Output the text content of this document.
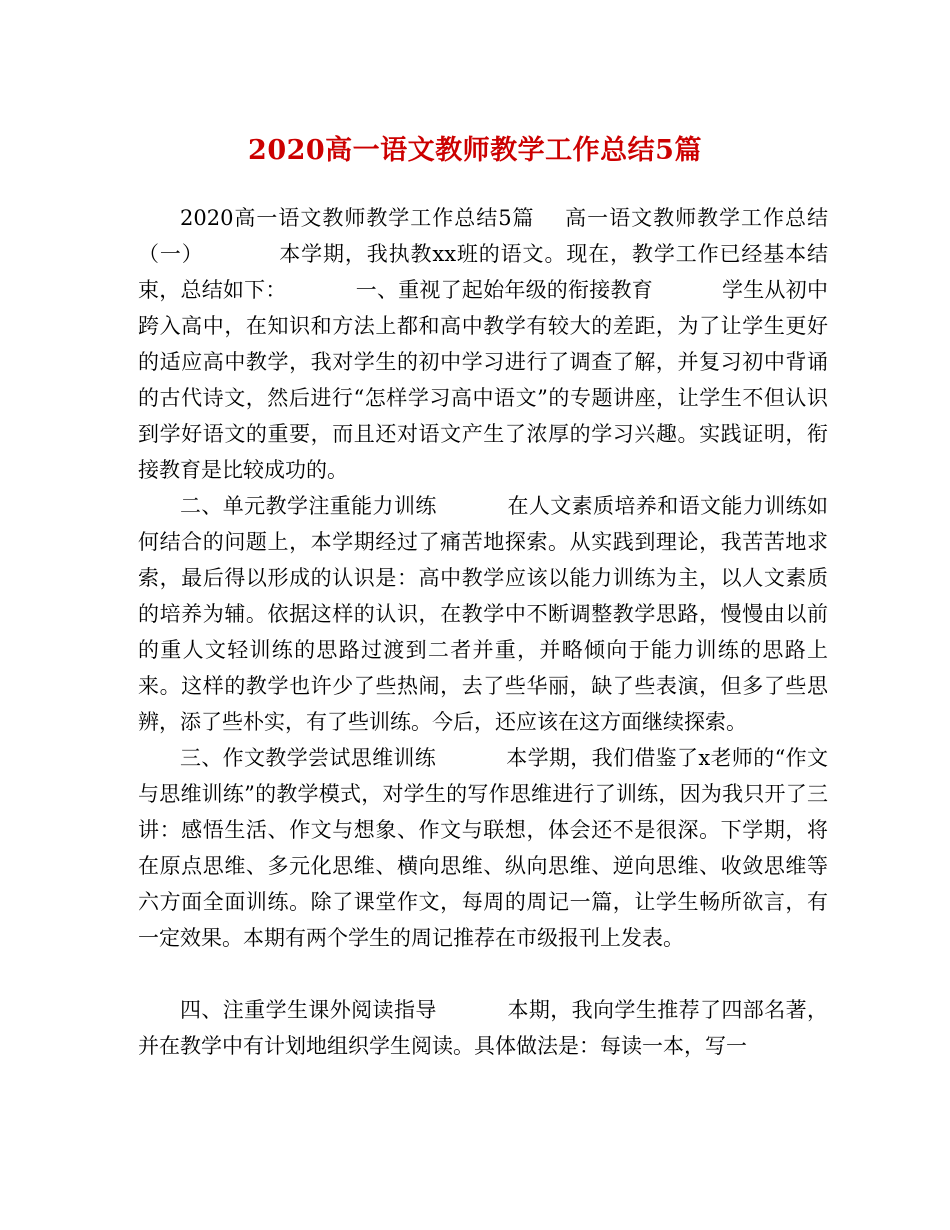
2020高一语文教师教学工作总结5篇

2020高一语文教师教学工作总结5篇    高一语文教师教学工作总结（一）          本学期，我执教xx班的语文。现在，教学工作已经基本结束，总结如下：          一、重视了起始年级的衔接教育          学生从初中跨入高中，在知识和方法上都和高中教学有较大的差距，为了让学生更好的适应高中教学，我对学生的初中学习进行了调查了解，并复习初中背诵的古代诗文，然后进行“怎样学习高中语文”的专题讲座，让学生不但认识到学好语文的重要，而且还对语文产生了浓厚的学习兴趣。实践证明，衔接教育是比较成功的。

二、单元教学注重能力训练          在人文素质培养和语文能力训练如何结合的问题上，本学期经过了痛苦地探索。从实践到理论，我苦苦地求索，最后得以形成的认识是：高中教学应该以能力训练为主，以人文素质的培养为辅。依据这样的认识，在教学中不断调整教学思路，慢慢由以前的重人文轻训练的思路过渡到二者并重，并略倾向于能力训练的思路上来。这样的教学也许少了些热闹，去了些华丽，缺了些表演，但多了些思辨，添了些朴实，有了些训练。今后，还应该在这方面继续探索。

三、作文教学尝试思维训练          本学期，我们借鉴了x老师的“作文与思维训练”的教学模式，对学生的写作思维进行了训练，因为我只开了三讲：感悟生活、作文与想象、作文与联想，体会还不是很深。下学期，将在原点思维、多元化思维、横向思维、纵向思维、逆向思维、收敛思维等六方面全面训练。除了课堂作文，每周的周记一篇，让学生畅所欲言，有一定效果。本期有两个学生的周记推荐在市级报刊上发表。

四、注重学生课外阅读指导          本期，我向学生推荐了四部名著，并在教学中有计划地组织学生阅读。具体做法是：每读一本，写一
